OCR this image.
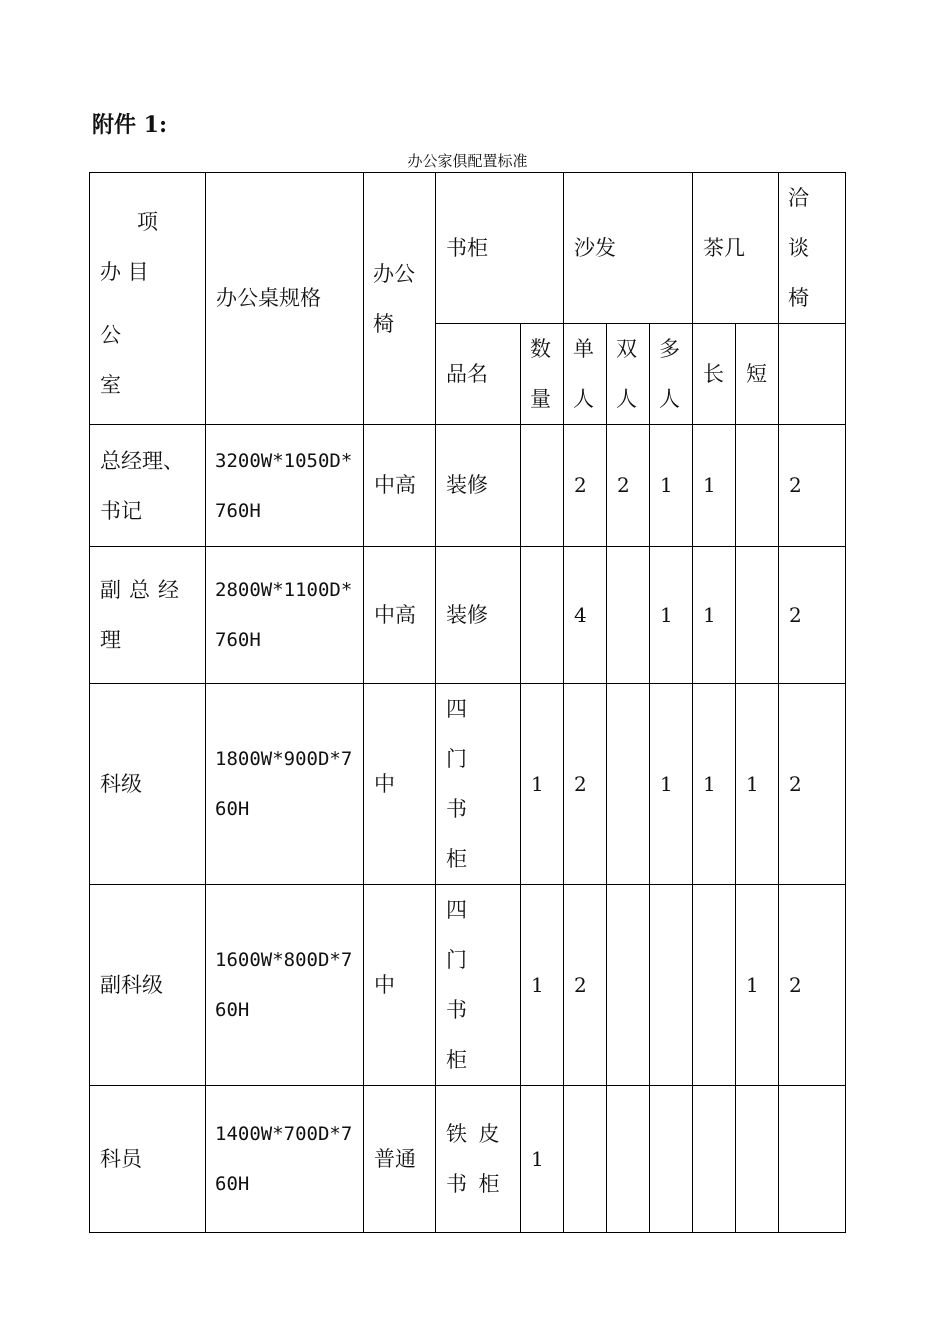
附件 1:
办公家俱配置标准
项
办 目
公
室	办公桌规格	办公椅	书柜		沙发			茶几		洽谈椅

			品名	数量	单人	双人	多人	长	短	

总经理、书记	3200W*1050D*760H	中高	装修		2	2	1	1		2

副总经理	2800W*1100D*760H	中高	装修		4		1	1		2
科级	1800W*900D*760H	中	四门书柜	1	2		1	1	1	2
副科级	1600W*800D*760H	中	四门书柜	1	2				1	2
科员	1400W*700D*760H	普通	铁皮书柜	1						
